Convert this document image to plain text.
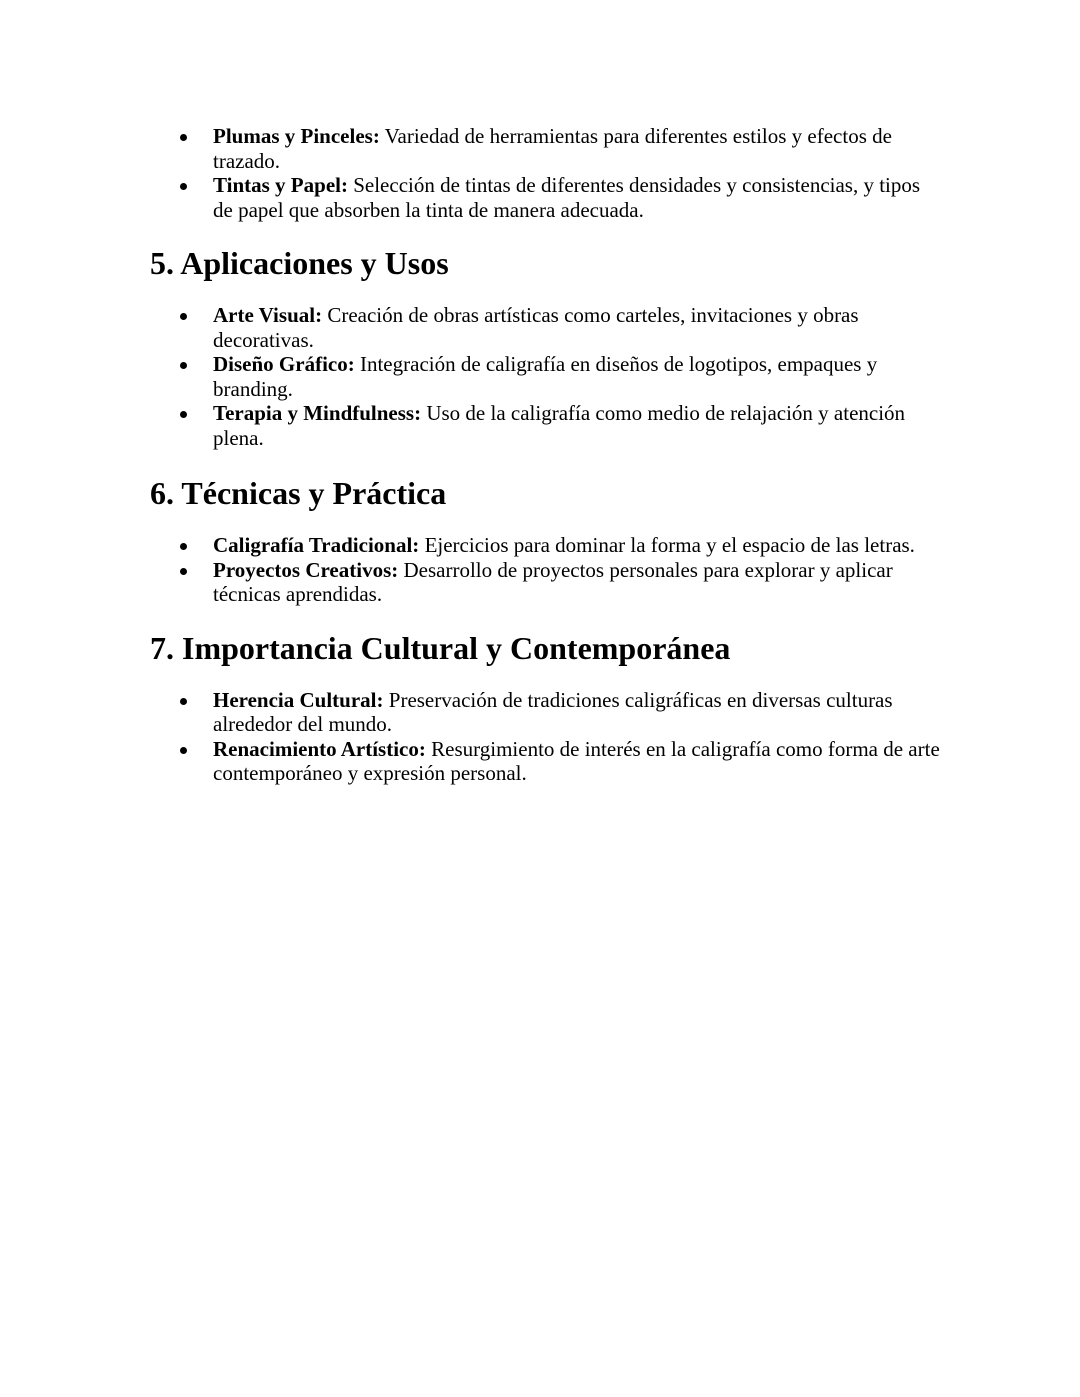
Plumas y Pinceles: Variedad de herramientas para diferentes estilos y efectos de trazado.
Tintas y Papel: Selección de tintas de diferentes densidades y consistencias, y tipos de papel que absorben la tinta de manera adecuada.
5. Aplicaciones y Usos
Arte Visual: Creación de obras artísticas como carteles, invitaciones y obras decorativas.
Diseño Gráfico: Integración de caligrafía en diseños de logotipos, empaques y branding.
Terapia y Mindfulness: Uso de la caligrafía como medio de relajación y atención plena.
6. Técnicas y Práctica
Caligrafía Tradicional: Ejercicios para dominar la forma y el espacio de las letras.
Proyectos Creativos: Desarrollo de proyectos personales para explorar y aplicar técnicas aprendidas.
7. Importancia Cultural y Contemporánea
Herencia Cultural: Preservación de tradiciones caligráficas en diversas culturas alrededor del mundo.
Renacimiento Artístico: Resurgimiento de interés en la caligrafía como forma de arte contemporáneo y expresión personal.
